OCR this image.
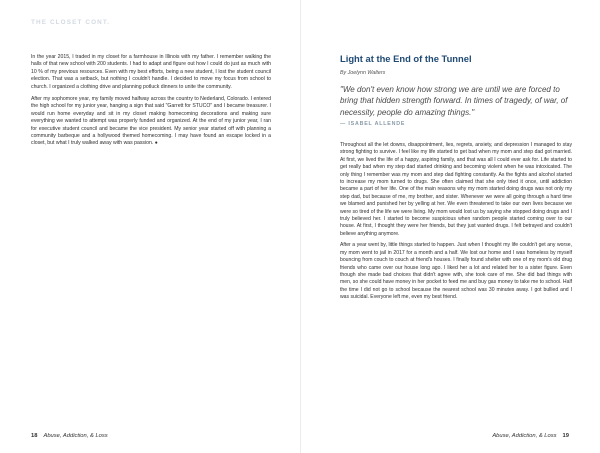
THE CLOSET CONT.

In the year 2015, I traded in my closet for a farmhouse in Illinois with my father. I remember walking the halls of that new school with 200 students. I had to adapt and figure out how I could do just as much with 10 % of my previous resources. Even with my best efforts, being a new student, I lost the student council election. That was a setback, but nothing I couldn't handle. I decided to move my focus from school to church. I organized a clothing drive and planning potluck dinners to unite the community.

After my sophomore year, my family moved halfway across the country to Nederland, Colorado. I entered the high school for my junior year, hanging a sign that said "Garrett for STUCO" and I became treasurer. I would run home everyday and sit in my closet making homecoming decorations and making sure everything we wanted to attempt was properly funded and organized. At the end of my junior year, I ran for executive student council and became the vice president. My senior year started off with planning a community barbeque and a hollywood themed homecoming. I may have found an escape locked in a closet, but what I truly walked away with was passion. ●

18 Abuse, Addiction, & Loss
Light at the End of the Tunnel
By Joelynn Walters
"We don't even know how strong we are until we are forced to bring that hidden strength forward. In times of tragedy, of war, of necessity, people do amazing things."
— ISABEL ALLENDE

Throughout all the let downs, disappointment, lies, regrets, anxiety, and depression I managed to stay strong fighting to survive. I feel like my life started to get bad when my mom and step dad got married. At first, we lived the life of a happy, aspiring family, and that was all I could ever ask for. Life started to get really bad when my step dad started drinking and becoming violent when he was intoxicated. The only thing I remember was my mom and step dad fighting constantly. As the fights and alcohol started to increase my mom turned to drugs. She often claimed that she only tried it once, until addiction became a part of her life. One of the main reasons why my mom started doing drugs was not only my step dad, but because of me, my brother, and sister. Whenever we were all going through a hard time we blamed and punished her by yelling at her. We even threatened to take our own lives because we were so tired of the life we were living. My mom would lost us by saying she stopped doing drugs and I truly believed her. I started to become suspicious when random people started coming over to our house. At first, I thought they were her friends, but they just wanted drugs. I felt betrayed and couldn't believe anything anymore.

After a year went by, little things started to happen. Just when I thought my life couldn't get any worse, my mom went to jail in 2017 for a month and a half. We lost our home and I was homeless by myself bouncing from couch to couch at friend's houses. I finally found shelter with one of my mom's old drug friends who came over our house long ago. I liked her a lot and related her to a sister figure. Even though she made bad choices that didn't agree with, she took care of me. She did bad things with men, so she could have money in her pocket to feed me and buy gas money to take me to school. Half the time I did not go to school because the nearest school was 30 minutes away. I got bullied and I was suicidal. Everyone left me, even my best friend.

Abuse, Addiction, & Loss 19
